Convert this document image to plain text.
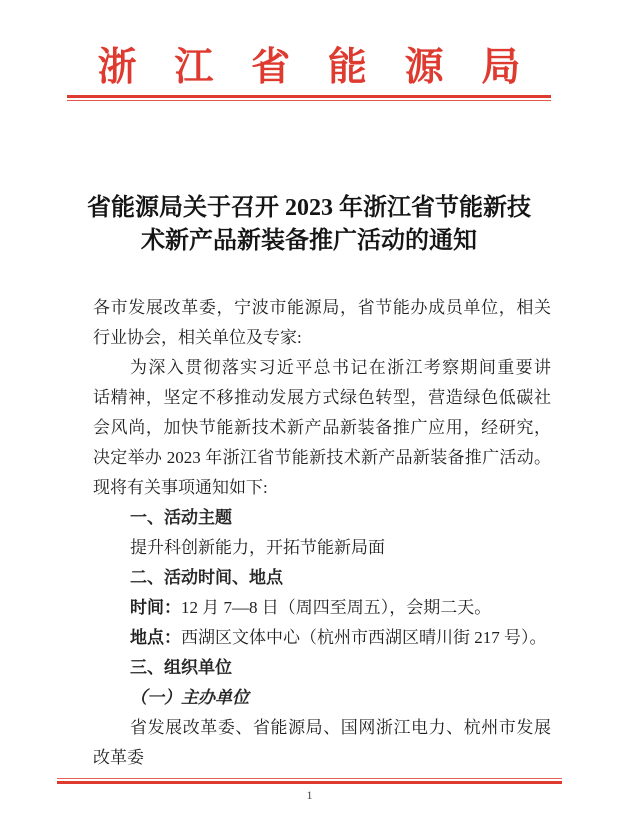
浙 江 省 能 源 局
省能源局关于召开 2023 年浙江省节能新技
术新产品新装备推广活动的通知
各市发展改革委，宁波市能源局，省节能办成员单位，相关
行业协会，相关单位及专家:
为深入贯彻落实习近平总书记在浙江考察期间重要讲
话精神，坚定不移推动发展方式绿色转型，营造绿色低碳社
会风尚，加快节能新技术新产品新装备推广应用，经研究，
决定举办 2023 年浙江省节能新技术新产品新装备推广活动。
现将有关事项通知如下:
一、活动主题
提升科创新能力，开拓节能新局面
二、活动时间、地点
时间：12 月 7—8 日（周四至周五），会期二天。
地点：西湖区文体中心（杭州市西湖区晴川街 217 号）。
三、组织单位
（一）主办单位
省发展改革委、省能源局、国网浙江电力、杭州市发展
改革委
1
